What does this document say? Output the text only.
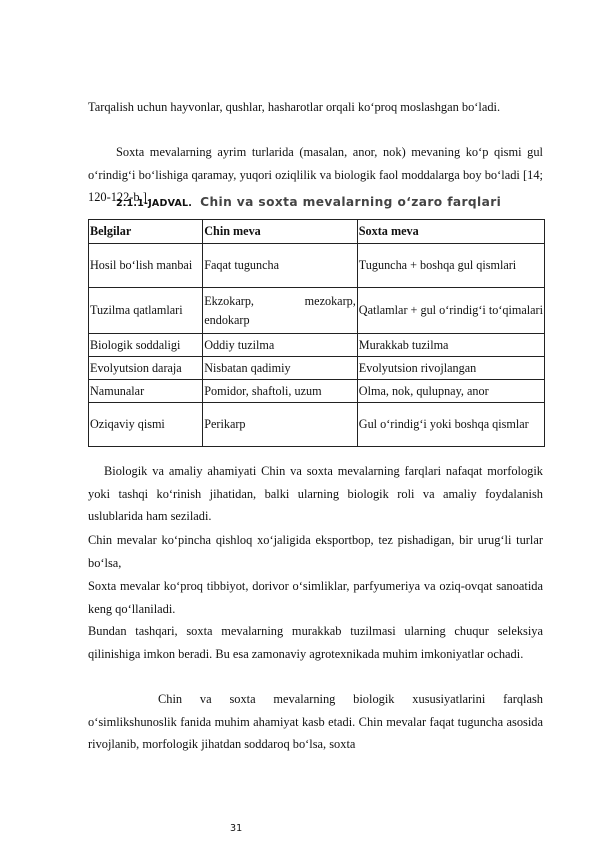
Tarqalish uchun hayvonlar, qushlar, hasharotlar orqali ko‘proq moslashgan bo‘ladi.

Soxta mevalarning ayrim turlarida (masalan, anor, nok) mevaning ko‘p qismi gul o‘rindig‘i bo‘lishiga qaramay, yuqori oziqlilik va biologik faol moddalarga boy bo‘ladi [14; 120-122-b.].

2.1.1-JADVAL. Chin va soxta mevalarning o‘zaro farqlari
Belgilar	Chin meva	Soxta meva
Hosil bo‘lish manbai	Faqat tuguncha	Tuguncha + boshqa gul qismlari
Tuzilma qatlamlari	Ekzokarp, mezokarp, endokarp	Qatlamlar + gul o‘rindig‘i to‘qimalari
Biologik soddaligi	Oddiy tuzilma	Murakkab tuzilma
Evolyutsion daraja	Nisbatan qadimiy	Evolyutsion rivojlangan
Namunalar	Pomidor, shaftoli, uzum	Olma, nok, qulupnay, anor
Oziqaviy qismi	Perikarp	Gul o‘rindig‘i yoki boshqa qismlar

Biologik va amaliy ahamiyati Chin va soxta mevalarning farqlari nafaqat morfologik yoki tashqi ko‘rinish jihatidan, balki ularning biologik roli va amaliy foydalanish uslublarida ham seziladi.

Chin mevalar ko‘pincha qishloq xo‘jaligida eksportbop, tez pishadigan, bir urug‘li turlar bo‘lsa,

Soxta mevalar ko‘proq tibbiyot, dorivor o‘simliklar, parfyumeriya va oziq-ovqat sanoatida keng qo‘llaniladi.

Bundan tashqari, soxta mevalarning murakkab tuzilmasi ularning chuqur seleksiya qilinishiga imkon beradi. Bu esa zamonaviy agrotexnikada muhim imkoniyatlar ochadi.

Chin va soxta mevalarning biologik xususiyatlarini farqlash o‘simlikshunoslik fanida muhim ahamiyat kasb etadi. Chin mevalar faqat tuguncha asosida rivojlanib, morfologik jihatdan soddaroq bo‘lsa, soxta

31
